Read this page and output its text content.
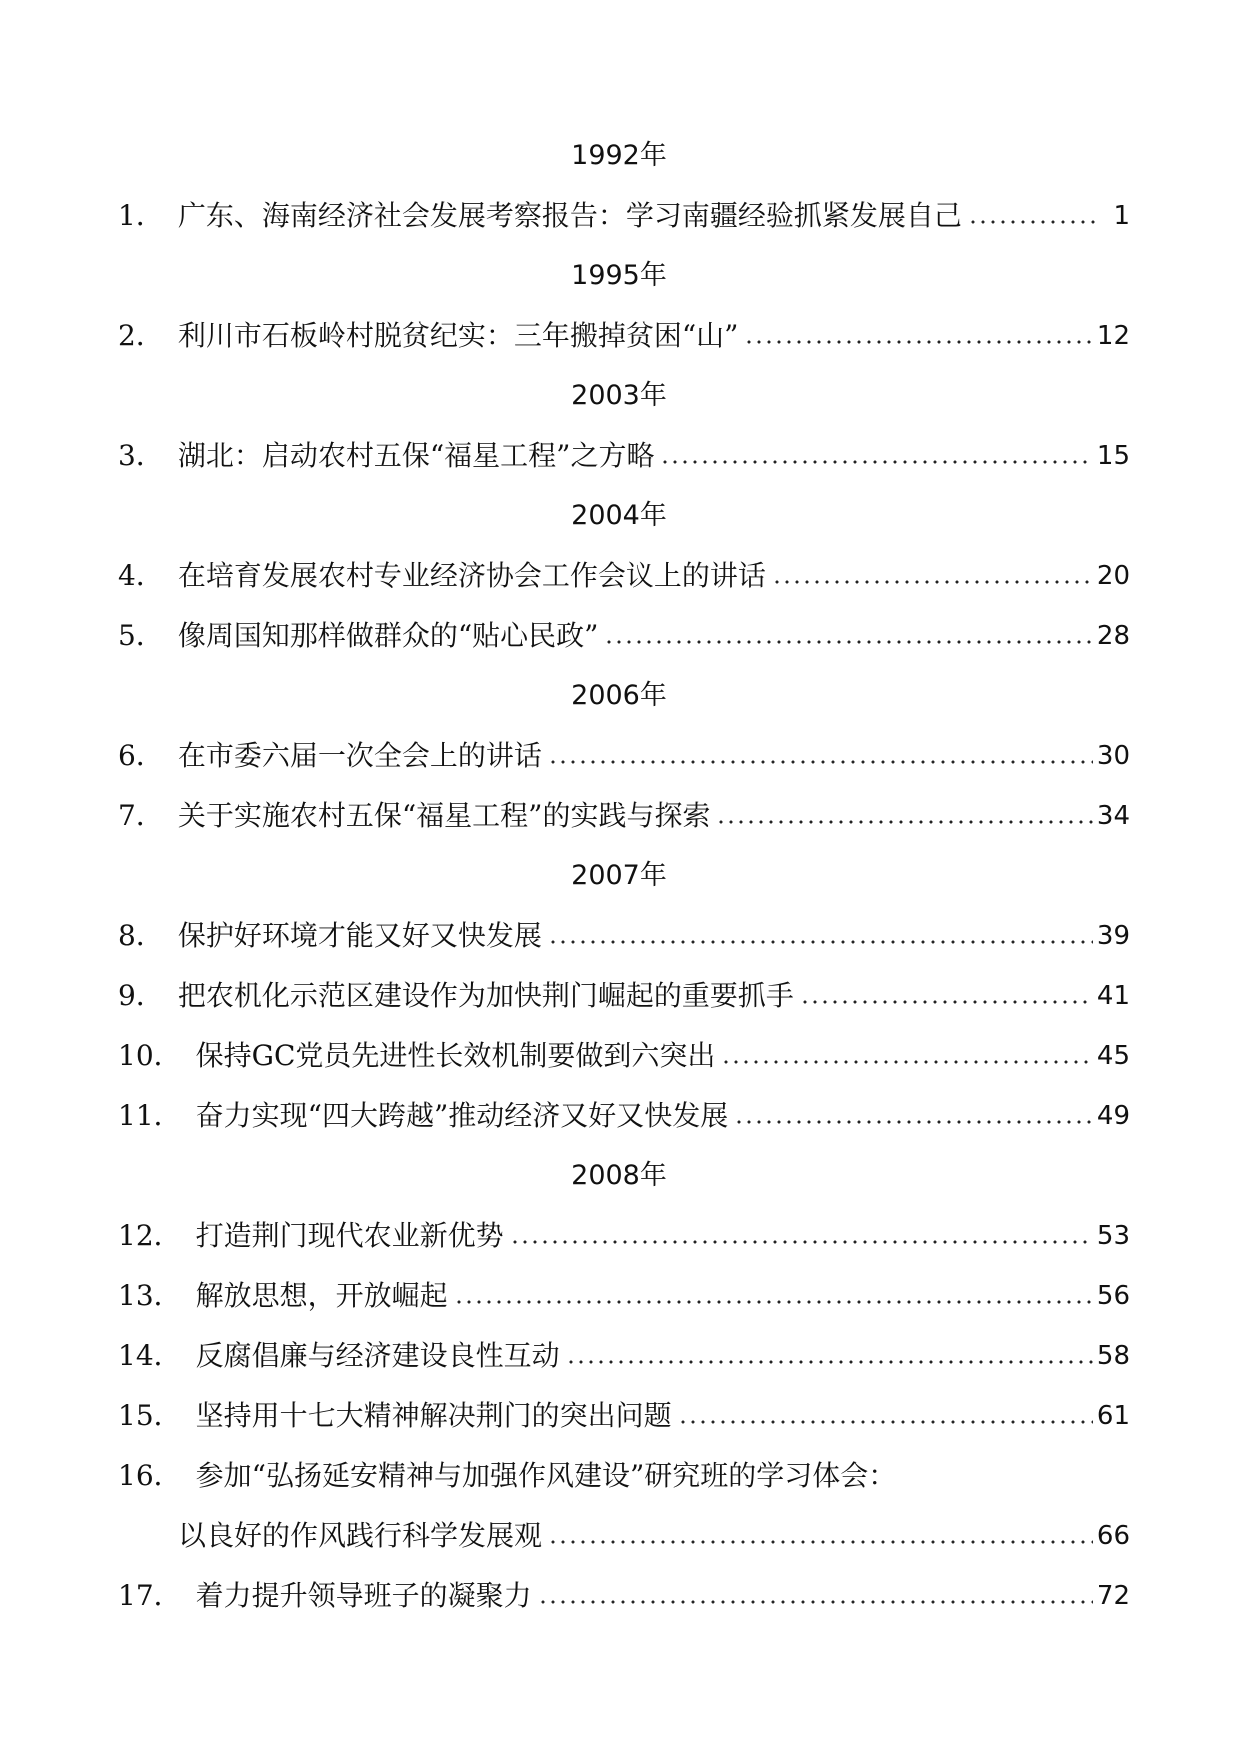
1992年
1． 广东、海南经济社会发展考察报告：学习南疆经验抓紧发展自己	1
1995年
2． 利川市石板岭村脱贫纪实：三年搬掉贫困“山”	12
2003年
3． 湖北：启动农村五保“福星工程”之方略	15
2004年
4． 在培育发展农村专业经济协会工作会议上的讲话	20
5． 像周国知那样做群众的“贴心民政”	28
2006年
6． 在市委六届一次全会上的讲话	30
7． 关于实施农村五保“福星工程”的实践与探索	34
2007年
8． 保护好环境才能又好又快发展	39
9． 把农机化示范区建设作为加快荆门崛起的重要抓手	41
10． 保持GC党员先进性长效机制要做到六突出	45
11． 奋力实现“四大跨越”推动经济又好又快发展	49
2008年
12． 打造荆门现代农业新优势	53
13． 解放思想，开放崛起	56
14． 反腐倡廉与经济建设良性互动	58
15． 坚持用十七大精神解决荆门的突出问题	61
16． 参加“弘扬延安精神与加强作风建设”研究班的学习体会：
以良好的作风践行科学发展观	66
17． 着力提升领导班子的凝聚力	72
